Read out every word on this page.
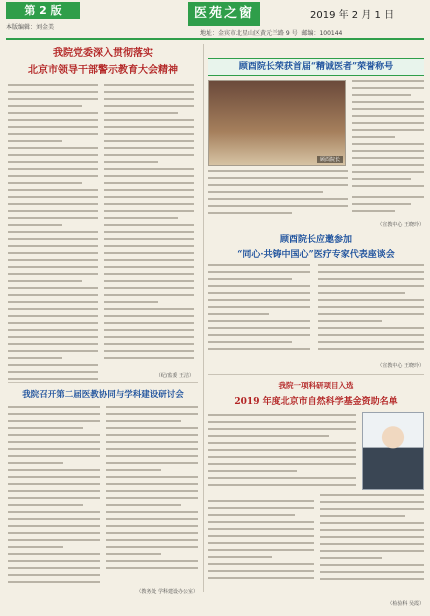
第 2 版
本版编辑：刘金美
医苑之窗	2019 年 2 月 1 日
地址：金宾市北星山区黄元兰路 9 号 邮编：100144
我院党委深入贯彻落实
北京市领导干部警示教育大会精神
（纪/监委 王洁）
顾酉院长荣获首届“精诚医者”荣誉称号
顾酉院长
（宣教中心 王晓玲）
顾酉院长应邀参加
“同心·共铸中国心”医疗专家代表座谈会
（宣教中心 王晓玲）
我院召开第二届医教协同与学科建设研讨会
（教务处 学科建设办公室）
我院一项科研项目入选
2019 年度北京市自然科学基金资助名单
（检验科 吴霞）
